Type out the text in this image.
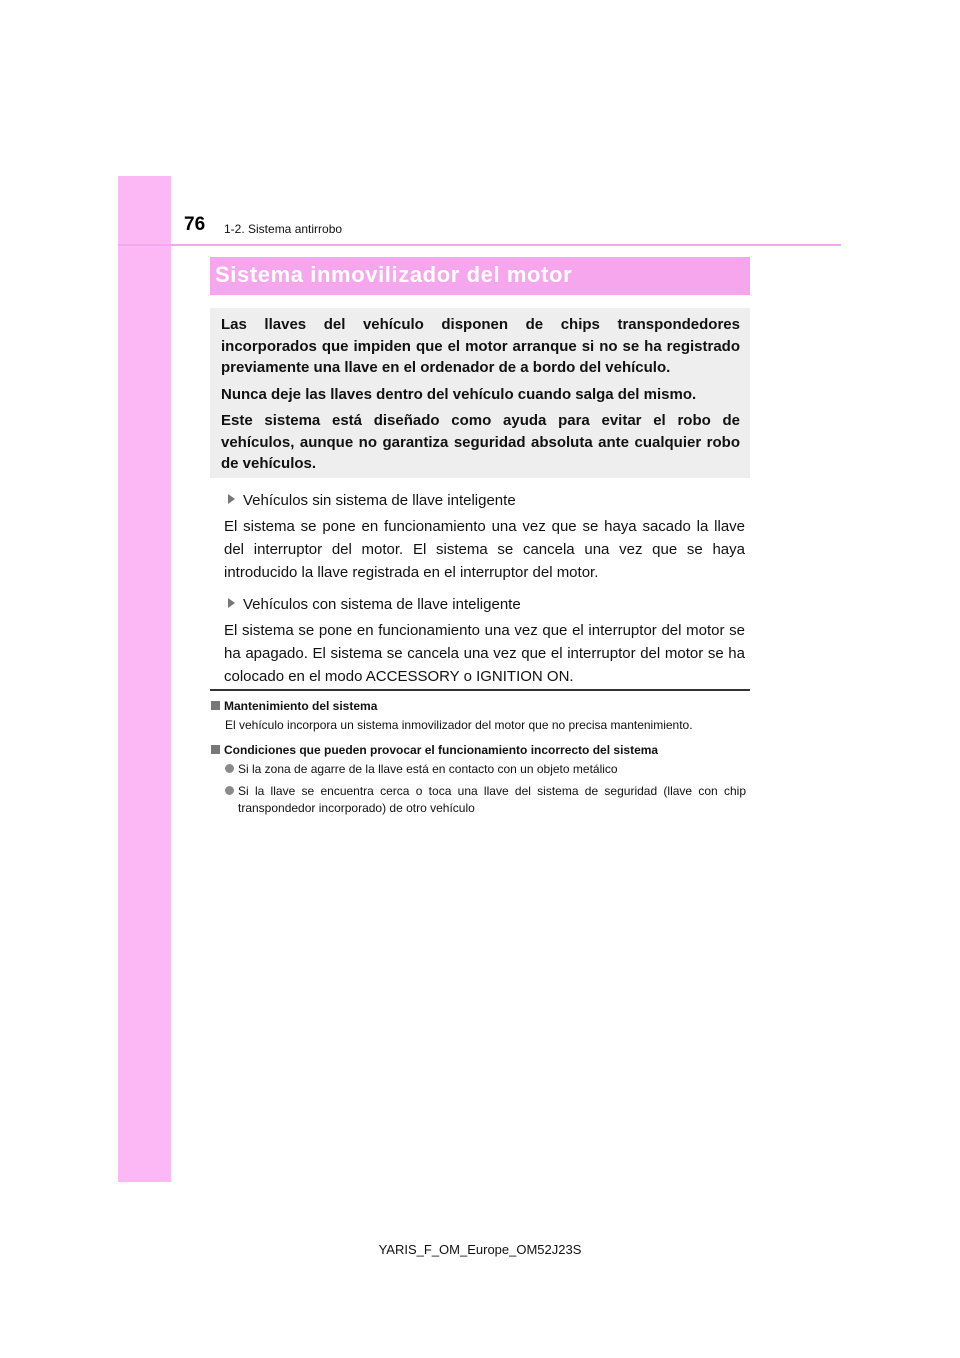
76 1-2. Sistema antirrobo
Sistema inmovilizador del motor

Las llaves del vehículo disponen de chips transpondedores incorporados que impiden que el motor arranque si no se ha registrado previamente una llave en el ordenador de a bordo del vehículo.

Nunca deje las llaves dentro del vehículo cuando salga del mismo.

Este sistema está diseñado como ayuda para evitar el robo de vehículos, aunque no garantiza seguridad absoluta ante cualquier robo de vehículos.

Vehículos sin sistema de llave inteligente

El sistema se pone en funcionamiento una vez que se haya sacado la llave del interruptor del motor. El sistema se cancela una vez que se haya introducido la llave registrada en el interruptor del motor.

Vehículos con sistema de llave inteligente

El sistema se pone en funcionamiento una vez que el interruptor del motor se ha apagado. El sistema se cancela una vez que el interruptor del motor se ha colocado en el modo ACCESSORY o IGNITION ON.

Mantenimiento del sistema

El vehículo incorpora un sistema inmovilizador del motor que no precisa mantenimiento.

Condiciones que pueden provocar el funcionamiento incorrecto del sistema

Si la zona de agarre de la llave está en contacto con un objeto metálico

Si la llave se encuentra cerca o toca una llave del sistema de seguridad (llave con chip transpondedor incorporado) de otro vehículo

YARIS_F_OM_Europe_OM52J23S
